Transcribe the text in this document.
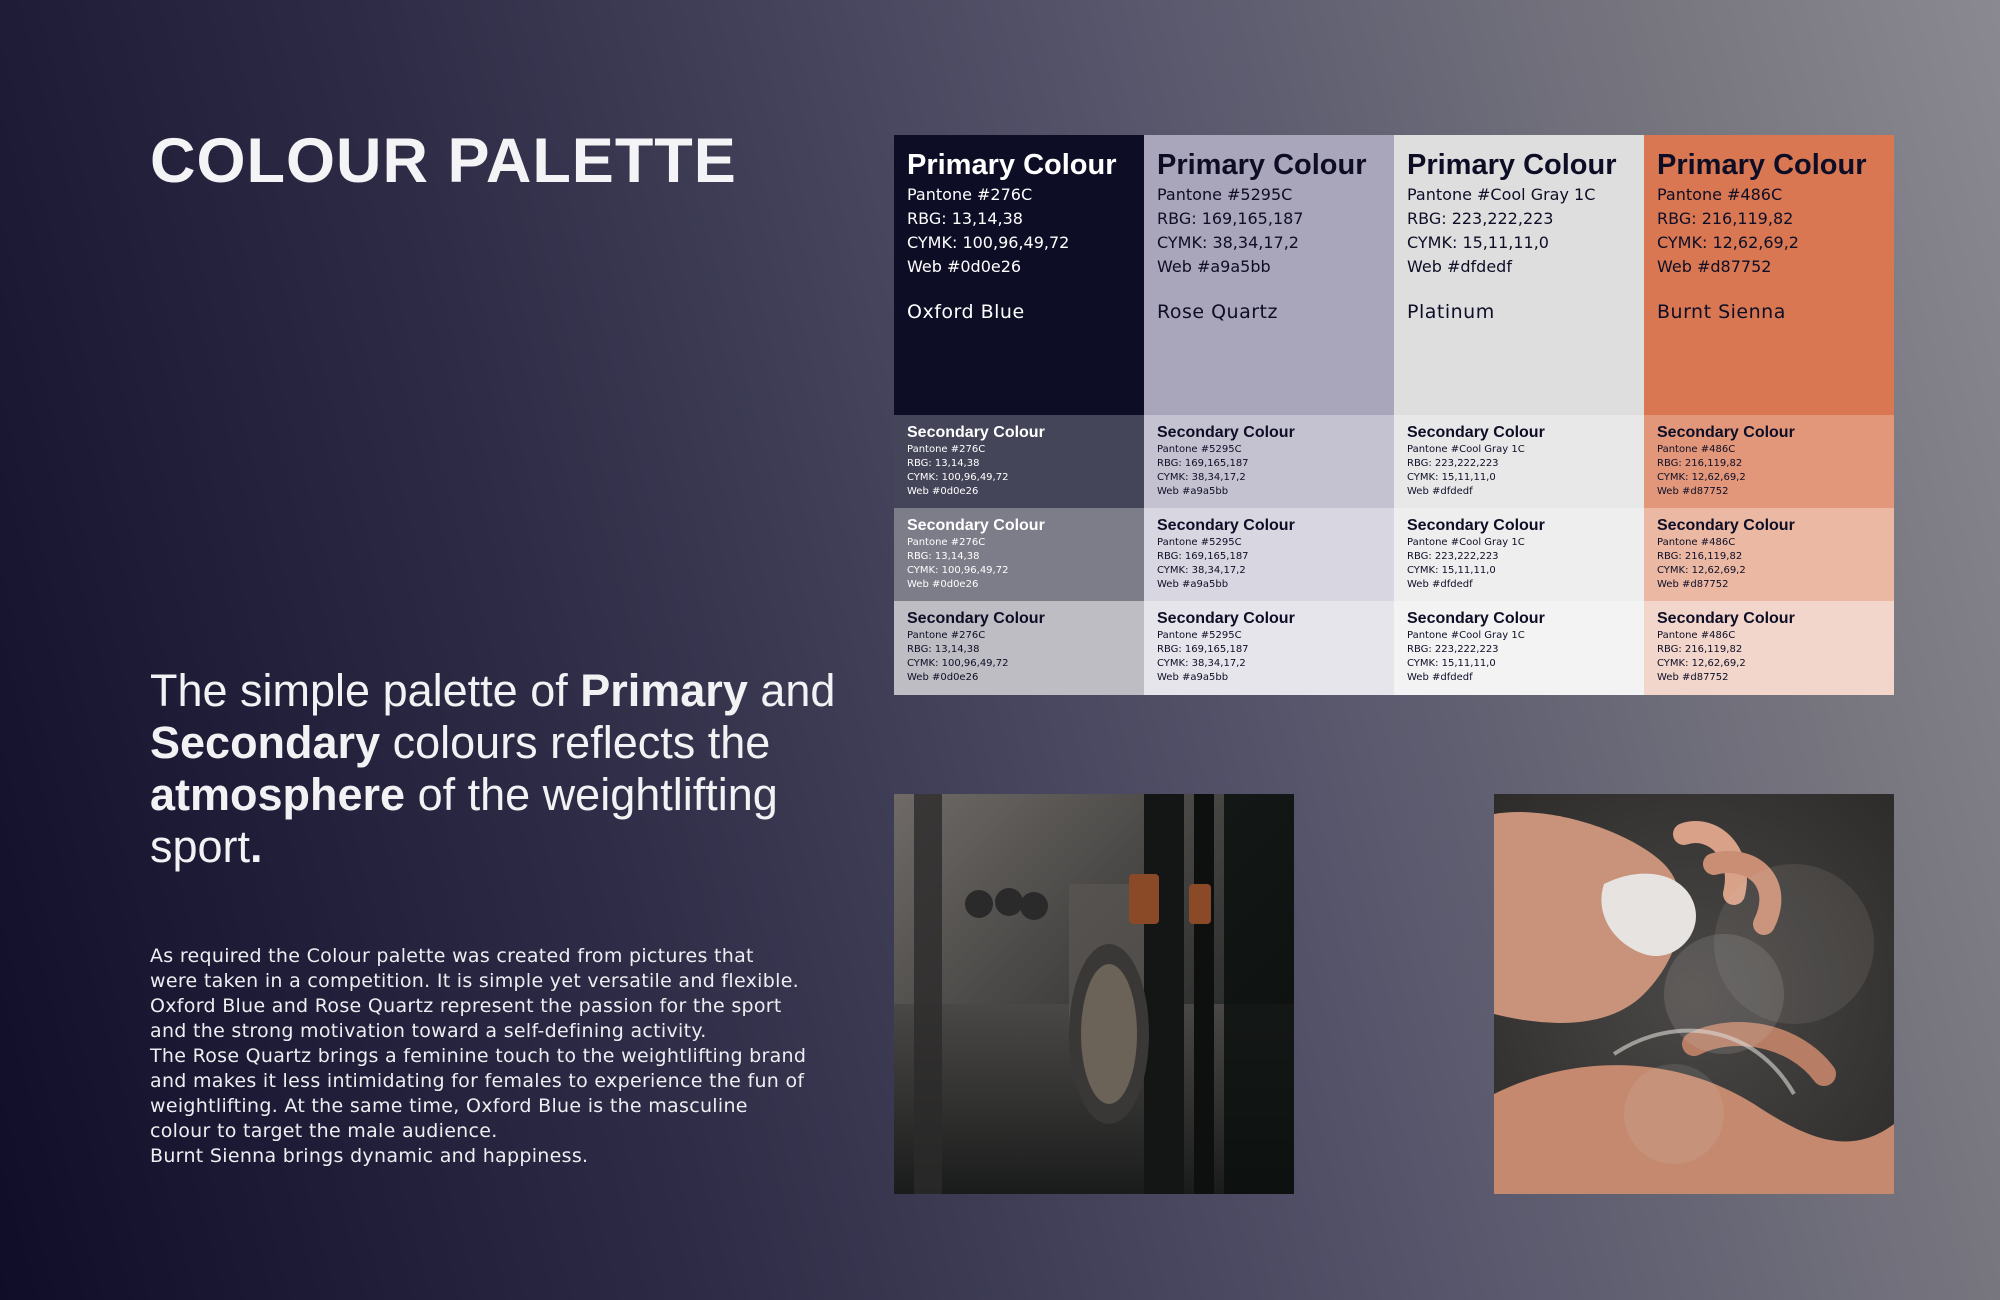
COLOUR PALETTE

The simple palette of Primary and Secondary colours reflects the atmosphere of the weightlifting sport.

As required the Colour palette was created from pictures that

were taken in a competition. It is simple yet versatile and flexible.

Oxford Blue and Rose Quartz represent the passion for the sport

and the strong motivation toward a self-defining activity.

The Rose Quartz brings a feminine touch to the weightlifting brand

and makes it less intimidating for females to experience the fun of

weightlifting. At the same time, Oxford Blue is the masculine

colour to target the male audience.

Burnt Sienna brings dynamic and happiness.

Primary Colour
Pantone #276C
RBG: 13,14,38
CYMK: 100,96,49,72
Web #0d0e26
Oxford Blue
Primary Colour
Pantone #5295C
RBG: 169,165,187
CYMK: 38,34,17,2
Web #a9a5bb
Rose Quartz
Primary Colour
Pantone #Cool Gray 1C
RBG: 223,222,223
CYMK: 15,11,11,0
Web #dfdedf
Platinum
Primary Colour
Pantone #486C
RBG: 216,119,82
CYMK: 12,62,69,2
Web #d87752
Burnt Sienna
Secondary Colour
Pantone #276C
RBG: 13,14,38
CYMK: 100,96,49,72
Web #0d0e26
Secondary Colour
Pantone #5295C
RBG: 169,165,187
CYMK: 38,34,17,2
Web #a9a5bb
Secondary Colour
Pantone #Cool Gray 1C
RBG: 223,222,223
CYMK: 15,11,11,0
Web #dfdedf
Secondary Colour
Pantone #486C
RBG: 216,119,82
CYMK: 12,62,69,2
Web #d87752
Secondary Colour
Pantone #276C
RBG: 13,14,38
CYMK: 100,96,49,72
Web #0d0e26
Secondary Colour
Pantone #5295C
RBG: 169,165,187
CYMK: 38,34,17,2
Web #a9a5bb
Secondary Colour
Pantone #Cool Gray 1C
RBG: 223,222,223
CYMK: 15,11,11,0
Web #dfdedf
Secondary Colour
Pantone #486C
RBG: 216,119,82
CYMK: 12,62,69,2
Web #d87752
Secondary Colour
Pantone #276C
RBG: 13,14,38
CYMK: 100,96,49,72
Web #0d0e26
Secondary Colour
Pantone #5295C
RBG: 169,165,187
CYMK: 38,34,17,2
Web #a9a5bb
Secondary Colour
Pantone #Cool Gray 1C
RBG: 223,222,223
CYMK: 15,11,11,0
Web #dfdedf
Secondary Colour
Pantone #486C
RBG: 216,119,82
CYMK: 12,62,69,2
Web #d87752
